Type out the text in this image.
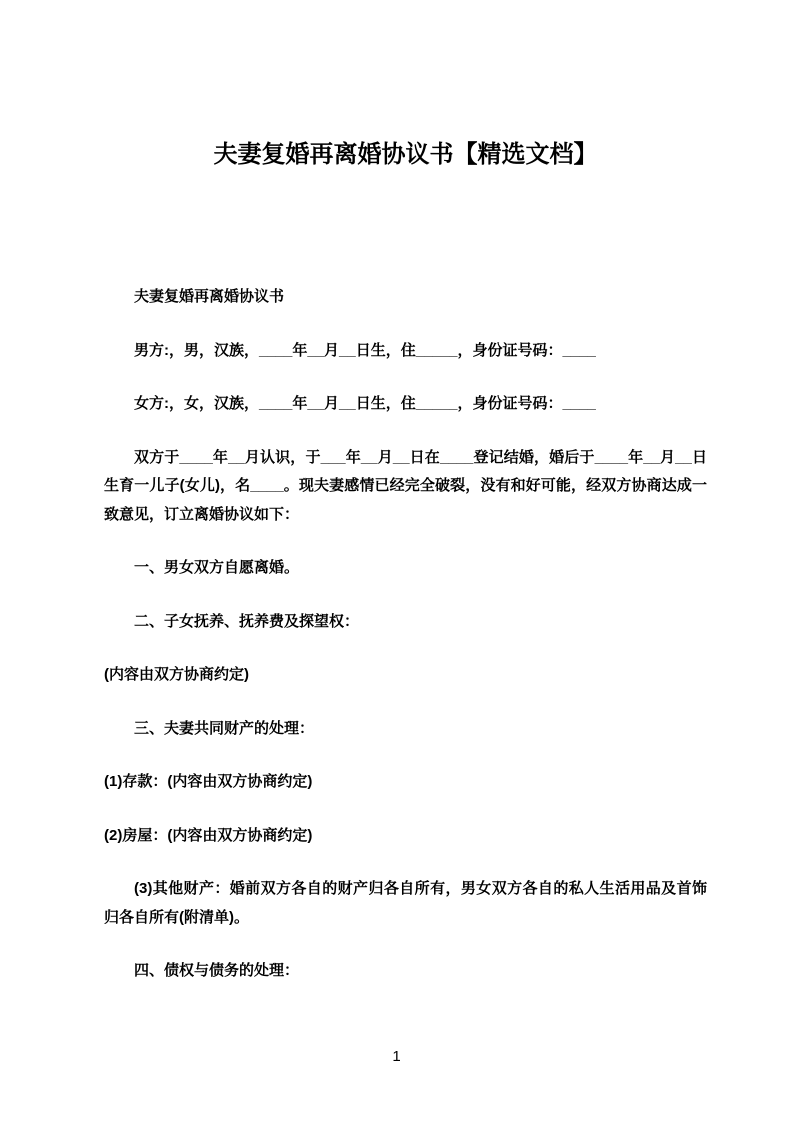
夫妻复婚再离婚协议书【精选文档】

夫妻复婚再离婚协议书

男方:，男，汉族，____年__月__日生，住_____，身份证号码：____

女方:，女，汉族，____年__月__日生，住_____，身份证号码：____

双方于____年__月认识，于___年__月__日在____登记结婚，婚后于____年__月__日生育一儿子(女儿)，名____。现夫妻感情已经完全破裂，没有和好可能，经双方协商达成一致意见，订立离婚协议如下：

一、男女双方自愿离婚。

二、子女抚养、抚养费及探望权：

(内容由双方协商约定)

三、夫妻共同财产的处理：

(1)存款：(内容由双方协商约定)

(2)房屋：(内容由双方协商约定)

(3)其他财产：婚前双方各自的财产归各自所有，男女双方各自的私人生活用品及首饰归各自所有(附清单)。

四、债权与债务的处理：

1
